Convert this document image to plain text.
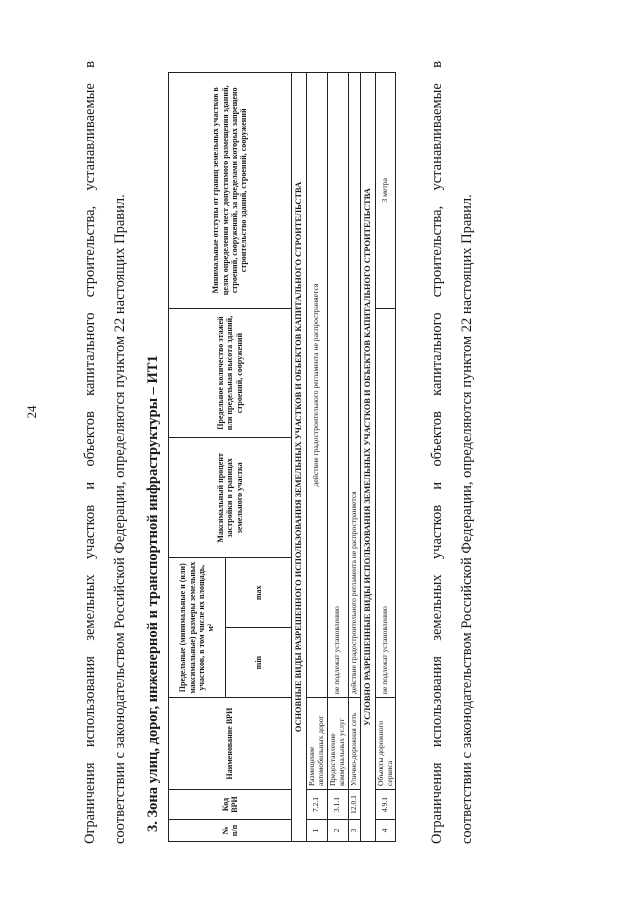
24	Ограничения использования земельных участков и объектов капитального строительства, устанавливаемые в соответствии с законодательством Российской Федерации, определяются пунктом 22 настоящих Правил.	3. Зона улиц, дорог, инженерной и транспортной инфраструктуры – ИТ1	№ п/п	Код ВРИ	Наименование ВРИ	Предельные (минимальные и (или) максимальные) размеры земельных участков, в том числе их площадь, м²		Максимальный процент застройки в границах земельного участка	Предельное количество этажей или предельная высота зданий, строений, сооружений	Минимальные отступы от границ земельных участков в целях определения мест допустимого размещения зданий, строений, сооружений, за пределами которых запрещено строительство зданий, строений, сооружений
			min	max			
ОСНОВНЫЕ ВИДЫ РАЗРЕШЕННОГО ИСПОЛЬЗОВАНИЯ ЗЕМЕЛЬНЫХ УЧАСТКОВ И ОБЪЕКТОВ КАПИТАЛЬНОГО СТРОИТЕЛЬСТВА							
1	7.2.1	Размещение автомобильных дорог	действие градостроительного регламента не распространяется				
2	3.1.1	Предоставление коммунальных услуг	не подлежат установлению				
3	12.0.1	Улично-дорожная сеть	действие градостроительного регламента не распространяется				
УСЛОВНО РАЗРЕШЕННЫЕ ВИДЫ ИСПОЛЬЗОВАНИЯ ЗЕМЕЛЬНЫХ УЧАСТКОВ И ОБЪЕКТОВ КАПИТАЛЬНОГО СТРОИТЕЛЬСТВА							
4	4.9.1	Объекты дорожного сервиса	не подлежат установлению				3 метра	Ограничения использования земельных участков и объектов капитального строительства, устанавливаемые в соответствии с законодательством Российской Федерации, определяются пунктом 22 настоящих Правил.
